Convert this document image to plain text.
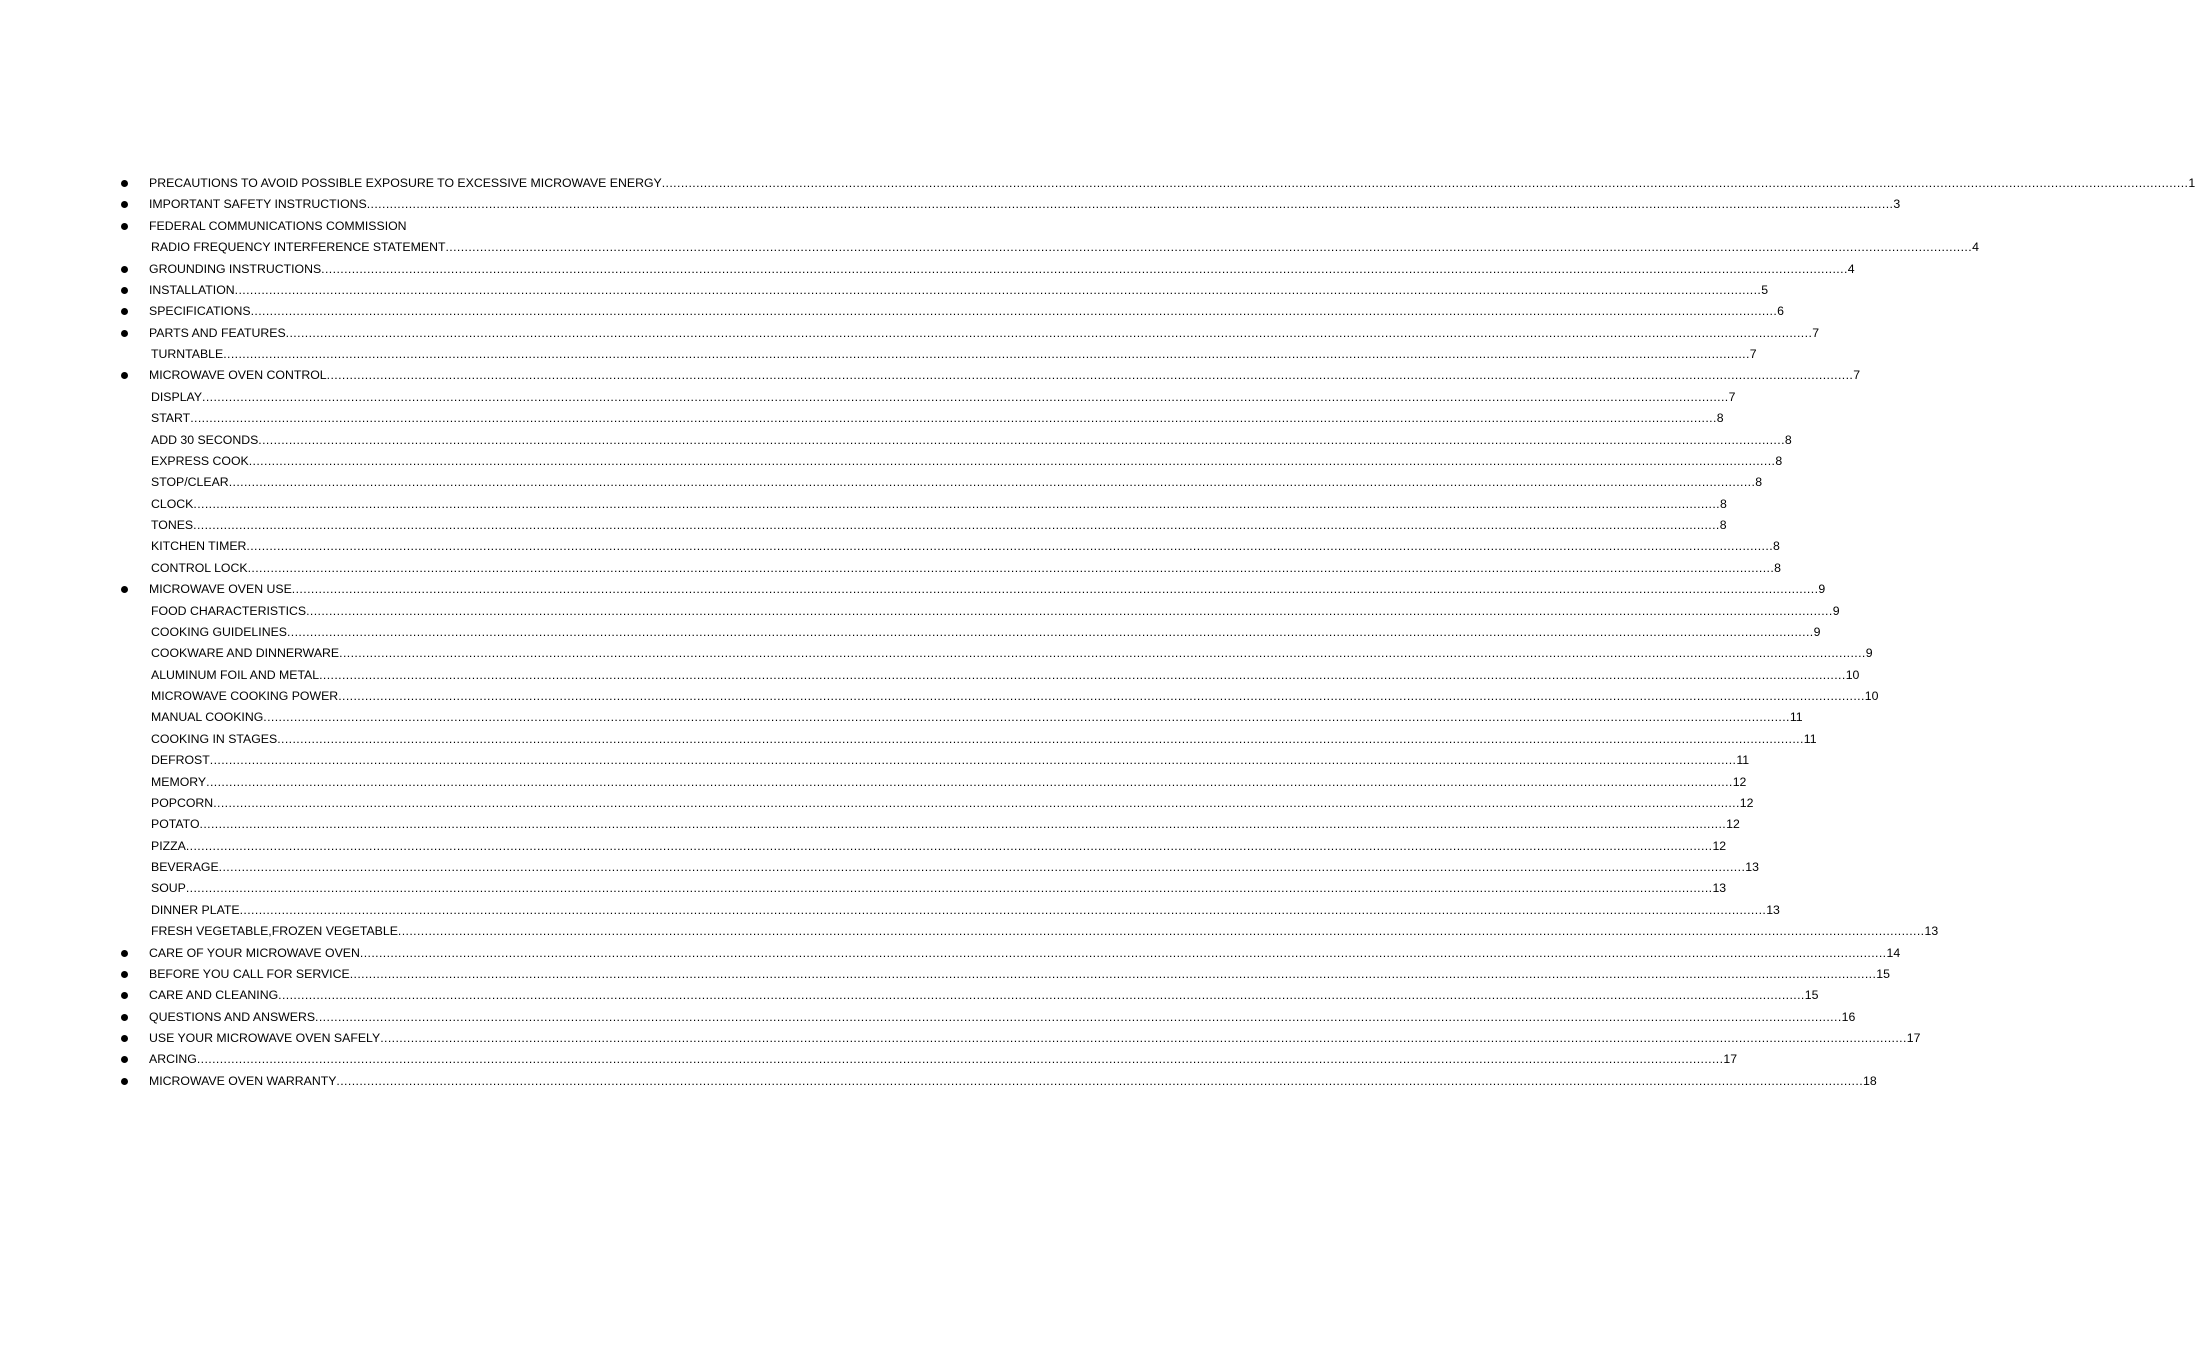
PRECAUTIONS TO AVOID POSSIBLE EXPOSURE TO EXCESSIVE MICROWAVE ENERGY ................................................................................................................................................................................................................................................................................................................................................................................................................ 1
IMPORTANT SAFETY INSTRUCTIONS ................................................................................................................................................................................................................................................................................................................................................................................................................ 3
FEDERAL COMMUNICATIONS COMMISSION
RADIO FREQUENCY INTERFERENCE STATEMENT ................................................................................................................................................................................................................................................................................................................................................................................................................ 4
GROUNDING INSTRUCTIONS ................................................................................................................................................................................................................................................................................................................................................................................................................ 4
INSTALLATION ................................................................................................................................................................................................................................................................................................................................................................................................................ 5
SPECIFICATIONS ................................................................................................................................................................................................................................................................................................................................................................................................................ 6
PARTS AND FEATURES ................................................................................................................................................................................................................................................................................................................................................................................................................ 7
TURNTABLE ................................................................................................................................................................................................................................................................................................................................................................................................................ 7
MICROWAVE OVEN CONTROL ................................................................................................................................................................................................................................................................................................................................................................................................................ 7
DISPLAY ................................................................................................................................................................................................................................................................................................................................................................................................................ 7
START ................................................................................................................................................................................................................................................................................................................................................................................................................ 8
ADD 30 SECONDS ................................................................................................................................................................................................................................................................................................................................................................................................................ 8
EXPRESS COOK ................................................................................................................................................................................................................................................................................................................................................................................................................ 8
STOP/CLEAR ................................................................................................................................................................................................................................................................................................................................................................................................................ 8
CLOCK ................................................................................................................................................................................................................................................................................................................................................................................................................ 8
TONES ................................................................................................................................................................................................................................................................................................................................................................................................................ 8
KITCHEN TIMER ................................................................................................................................................................................................................................................................................................................................................................................................................ 8
CONTROL LOCK ................................................................................................................................................................................................................................................................................................................................................................................................................ 8
MICROWAVE OVEN USE ................................................................................................................................................................................................................................................................................................................................................................................................................ 9
FOOD CHARACTERISTICS ................................................................................................................................................................................................................................................................................................................................................................................................................ 9
COOKING GUIDELINES ................................................................................................................................................................................................................................................................................................................................................................................................................ 9
COOKWARE AND DINNERWARE ................................................................................................................................................................................................................................................................................................................................................................................................................ 9
ALUMINUM FOIL AND METAL ................................................................................................................................................................................................................................................................................................................................................................................................................ 10
MICROWAVE COOKING POWER ................................................................................................................................................................................................................................................................................................................................................................................................................ 10
MANUAL COOKING ................................................................................................................................................................................................................................................................................................................................................................................................................ 11
COOKING IN STAGES ................................................................................................................................................................................................................................................................................................................................................................................................................ 11
DEFROST ................................................................................................................................................................................................................................................................................................................................................................................................................ 11
MEMORY ................................................................................................................................................................................................................................................................................................................................................................................................................ 12
POPCORN ................................................................................................................................................................................................................................................................................................................................................................................................................ 12
POTATO ................................................................................................................................................................................................................................................................................................................................................................................................................ 12
PIZZA ................................................................................................................................................................................................................................................................................................................................................................................................................ 12
BEVERAGE ................................................................................................................................................................................................................................................................................................................................................................................................................ 13
SOUP ................................................................................................................................................................................................................................................................................................................................................................................................................ 13
DINNER PLATE ................................................................................................................................................................................................................................................................................................................................................................................................................ 13
FRESH VEGETABLE,FROZEN VEGETABLE ................................................................................................................................................................................................................................................................................................................................................................................................................ 13
CARE OF YOUR MICROWAVE OVEN ................................................................................................................................................................................................................................................................................................................................................................................................................ 14
BEFORE YOU CALL FOR SERVICE ................................................................................................................................................................................................................................................................................................................................................................................................................ 15
CARE AND CLEANING ................................................................................................................................................................................................................................................................................................................................................................................................................ 15
QUESTIONS AND ANSWERS ................................................................................................................................................................................................................................................................................................................................................................................................................ 16
USE YOUR MICROWAVE OVEN SAFELY ................................................................................................................................................................................................................................................................................................................................................................................................................ 17
ARCING ................................................................................................................................................................................................................................................................................................................................................................................................................ 17
MICROWAVE OVEN WARRANTY ................................................................................................................................................................................................................................................................................................................................................................................................................ 18
